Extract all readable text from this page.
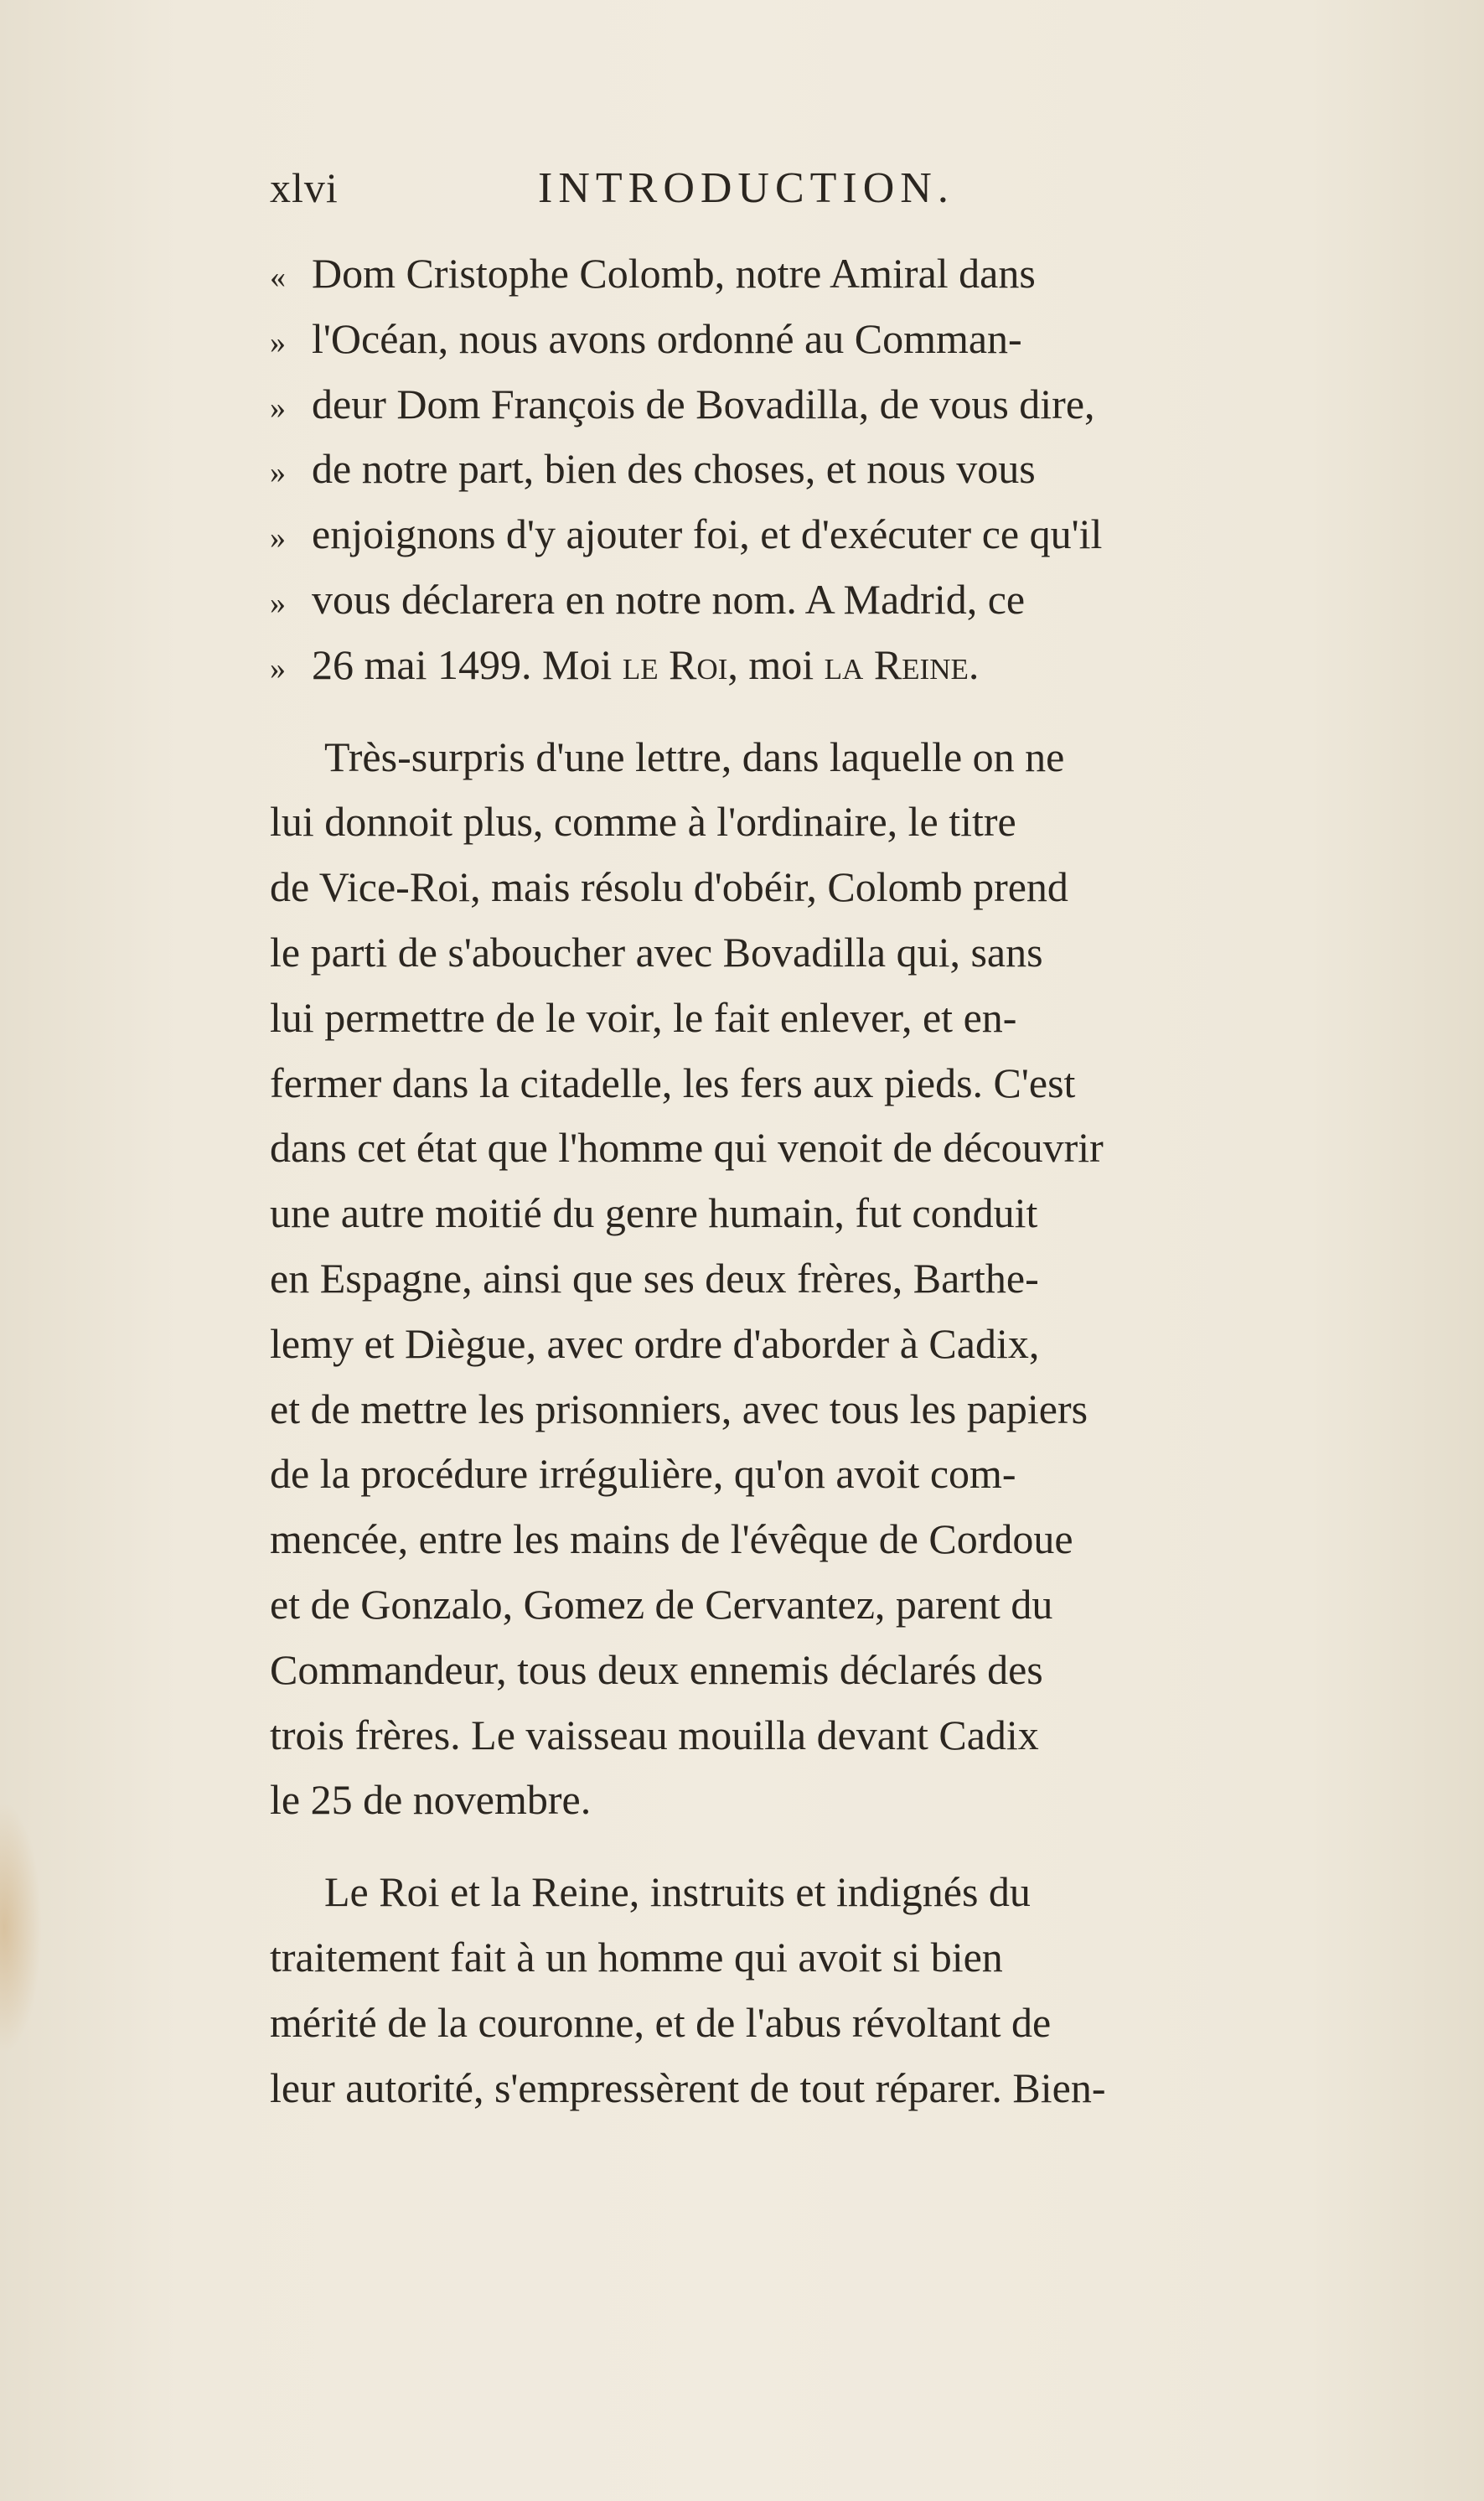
xlvi	INTRODUCTION.
« Dom Cristophe Colomb, notre Amiral dans
» l'Océan, nous avons ordonné au Comman-
» deur Dom François de Bovadilla, de vous dire,
» de notre part, bien des choses, et nous vous
» enjoignons d'y ajouter foi, et d'exécuter ce qu'il
» vous déclarera en notre nom. A Madrid, ce
» 26 mai 1499. Moi le Roi, moi la Reine.
Très-surpris d'une lettre, dans laquelle on ne
lui donnoit plus, comme à l'ordinaire, le titre
de Vice-Roi, mais résolu d'obéir, Colomb prend
le parti de s'aboucher avec Bovadilla qui, sans
lui permettre de le voir, le fait enlever, et en-
fermer dans la citadelle, les fers aux pieds. C'est
dans cet état que l'homme qui venoit de découvrir
une autre moitié du genre humain, fut conduit
en Espagne, ainsi que ses deux frères, Barthe-
lemy et Diègue, avec ordre d'aborder à Cadix,
et de mettre les prisonniers, avec tous les papiers
de la procédure irrégulière, qu'on avoit com-
mencée, entre les mains de l'évêque de Cordoue
et de Gonzalo, Gomez de Cervantez, parent du
Commandeur, tous deux ennemis déclarés des
trois frères. Le vaisseau mouilla devant Cadix
le 25 de novembre.
Le Roi et la Reine, instruits et indignés du
traitement fait à un homme qui avoit si bien
mérité de la couronne, et de l'abus révoltant de
leur autorité, s'empressèrent de tout réparer. Bien-
